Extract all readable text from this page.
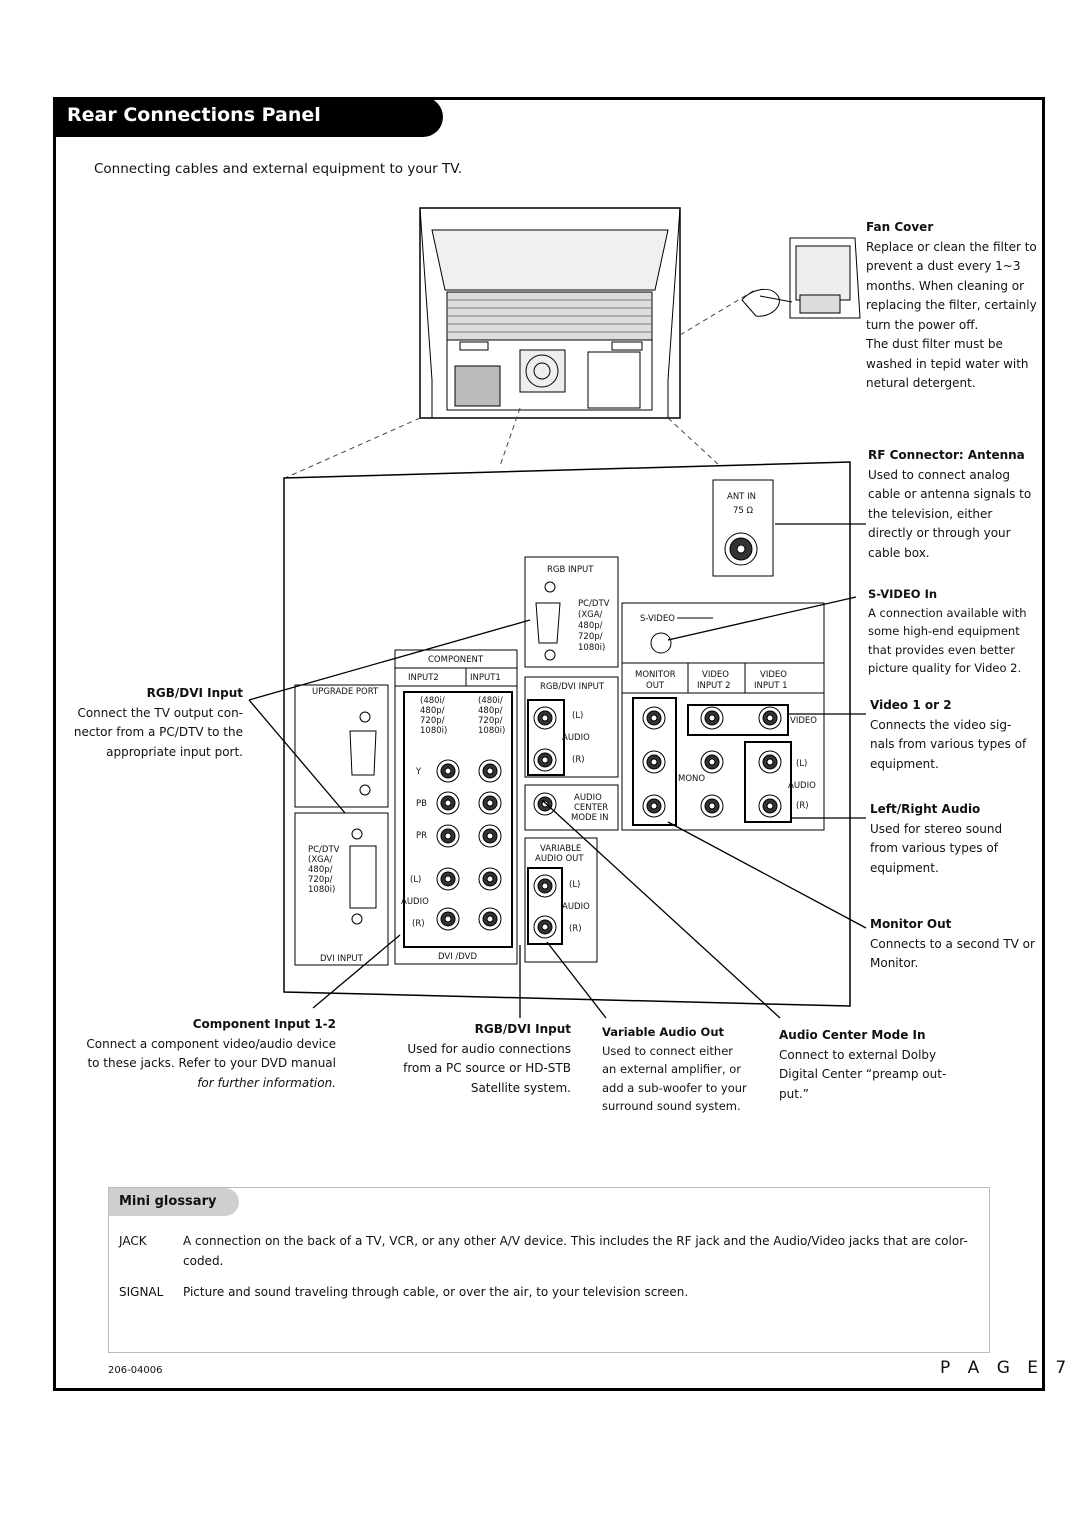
Rear Connections Panel
Connecting cables and external equipment to your TV.
ANT IN
75 Ω
RGB INPUT
PC/DTV
(XGA/
480p/
720p/
1080i)
S-VIDEO
COMPONENT
INPUT2	INPUT1
RGB/DVI INPUT
MONITOR
OUT
VIDEO
INPUT 2
VIDEO
INPUT 1
UPGRADE PORT
DVI INPUT	DVI /DVD
(480i/
480p/
720p/
1080i)
(480i/
480p/
720p/
1080i)
Y
PB
PR
(L)
AUDIO
(R)
(L)
AUDIO
(R)
AUDIO
CENTER
MODE IN
VARIABLE
AUDIO OUT
(L)
AUDIO
(R)
PC/DTV
(XGA/
480p/
720p/
1080i)
VIDEO
MONO
(L)
AUDIO
(R)
Fan Cover
Replace or clean the filter to
prevent a dust every 1~3
months. When cleaning or
replacing the filter, certainly
turn the power off.
The dust filter must be
washed in tepid water with
netural detergent.
RF Connector: Antenna
Used to connect analog
cable or antenna signals to
the television, either
directly or through your
cable box.
S-VIDEO In
A connection available with
some high-end equipment
that provides even better
picture quality for Video 2.
Video 1 or 2
Connects the video sig-
nals from various types of
equipment.
Left/Right Audio
Used for stereo sound
from various types of
equipment.
Monitor Out
Connects to a second TV or
Monitor.
RGB/DVI Input
Connect the TV output con-
nector from a PC/DTV to the
appropriate input port.
Component Input 1-2
Connect a component video/audio device
to these jacks. Refer to your DVD manual
for further information.
RGB/DVI Input
Used for audio connections
from a PC source or HD-STB
Satellite system.
Variable Audio Out
Used to connect either
an external amplifier, or
add a sub-woofer to your
surround sound system.
Audio Center Mode In
Connect to external Dolby
Digital Center “preamp out-
put.”
Mini glossary
JACK	A connection on the back of a TV, VCR, or any other A/V device. This includes the RF jack and the Audio/Video jacks that are color-coded.
SIGNAL Picture and sound traveling through cable, or over the air, to your television screen.
206-04006	P A G E 7
